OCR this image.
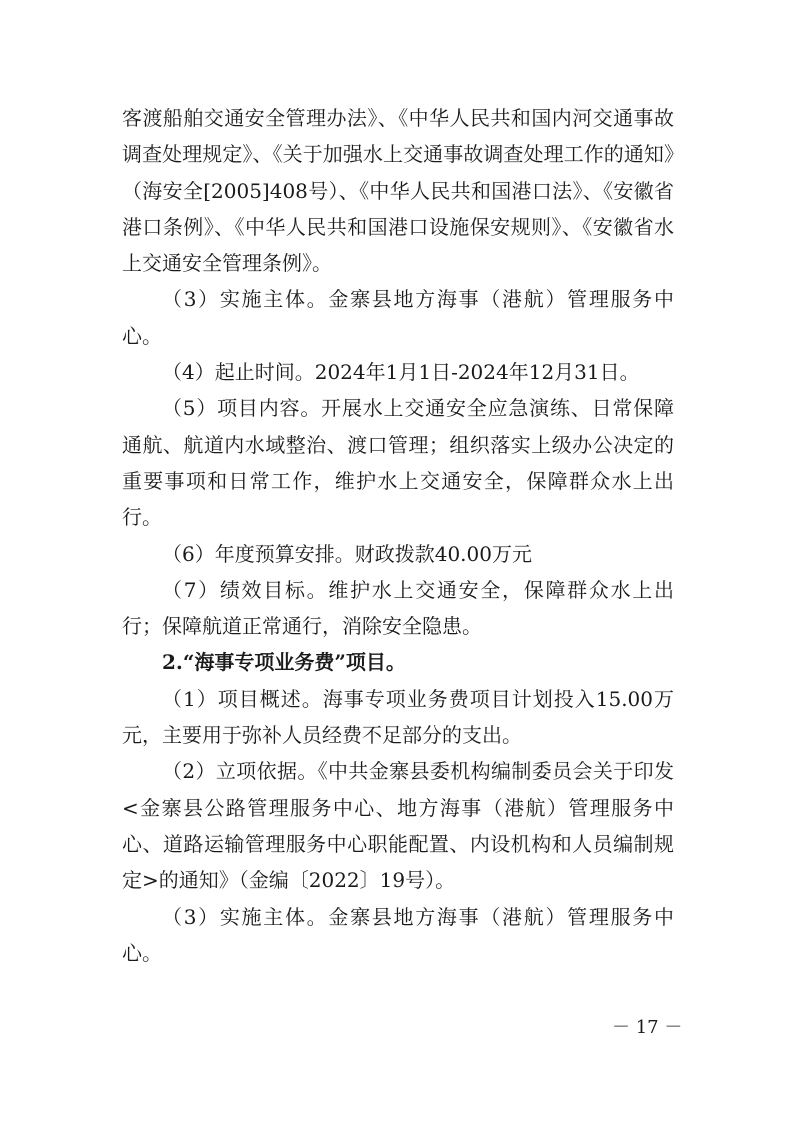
客渡船舶交通安全管理办法》、《中华人民共和国内河交通事故调查处理规定》、《关于加强水上交通事故调查处理工作的通知》（海安全[2005]408号）、《中华人民共和国港口法》、《安徽省港口条例》、《中华人民共和国港口设施保安规则》、《安徽省水上交通安全管理条例》。

（3）实施主体。金寨县地方海事（港航）管理服务中心。

（4）起止时间。2024年1月1日-2024年12月31日。

（5）项目内容。开展水上交通安全应急演练、日常保障通航、航道内水域整治、渡口管理；组织落实上级办公决定的重要事项和日常工作，维护水上交通安全，保障群众水上出行。

（6）年度预算安排。财政拨款40.00万元

（7）绩效目标。维护水上交通安全，保障群众水上出行；保障航道正常通行，消除安全隐患。

2.“海事专项业务费”项目。

（1）项目概述。海事专项业务费项目计划投入15.00万元，主要用于弥补人员经费不足部分的支出。

（2）立项依据。《中共金寨县委机构编制委员会关于印发<金寨县公路管理服务中心、地方海事（港航）管理服务中心、道路运输管理服务中心职能配置、内设机构和人员编制规定>的通知》（金编〔2022〕19号）。

（3）实施主体。金寨县地方海事（港航）管理服务中心。

－ 17 －
